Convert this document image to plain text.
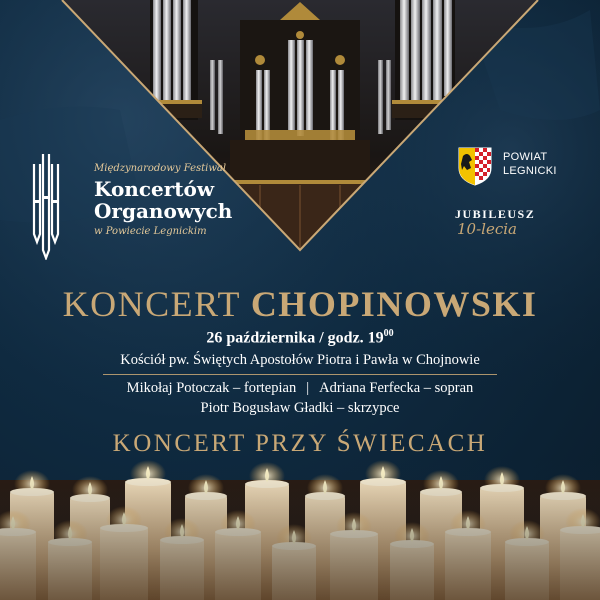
Międzynarodowy Festiwal
Koncertów
Organowych
w Powiecie Legnickim
POWIAT
LEGNICKI
JUBILEUSZ
10-lecia
KONCERT CHOPINOWSKI
26 października / godz. $19^{00}$
Kościół pw. Świętych Apostołów Piotra i Pawła w Chojnowie
Mikołaj Potoczak – fortepian | Adriana Ferfecka – sopran
Piotr Bogusław Gładki – skrzypce
KONCERT PRZY ŚWIECACH
